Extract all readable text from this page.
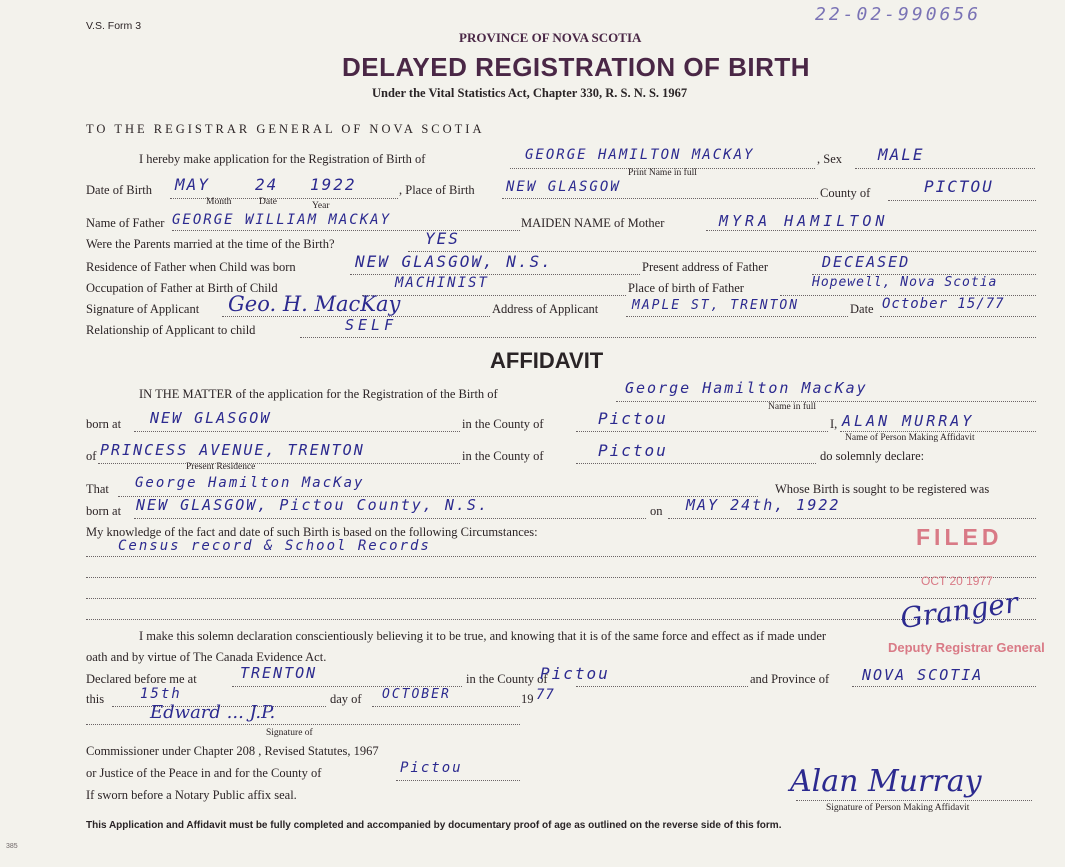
V.S. Form 3
22-02-990656
PROVINCE OF NOVA SCOTIA
DELAYED REGISTRATION OF BIRTH
Under the Vital Statistics Act, Chapter 330, R. S. N. S. 1967
TO THE REGISTRAR GENERAL OF NOVA SCOTIA
I hereby make application for the Registration of Birth of	GEORGE HAMILTON MACKAY	, Sex MALE
Print Name in full
Date of Birth MAY	24 1922
Month	Date	Year
, Place of Birth NEW GLASGOW	County of	PICTOU
Name of Father GEORGE WILLIAM MACKAY	MAIDEN NAME of Mother	MYRA HAMILTON
Were the Parents married at the time of the Birth?	YES
Residence of Father when Child was born	NEW GLASGOW, N.S.	Present address of Father	DECEASED
Occupation of Father at Birth of Child	MACHINIST	Place of birth of Father	Hopewell, Nova Scotia
Signature of Applicant Geo. H. MacKay	Address of Applicant	MAPLE ST, TRENTON	Date October 15/77
Relationship of Applicant to child	SELF
AFFIDAVIT
IN THE MATTER of the application for the Registration of the Birth of	George Hamilton MacKay
Name in full
born at NEW GLASGOW	in the County of	Pictou	I, ALAN MURRAY
Name of Person Making Affidavit
of PRINCESS AVENUE, TRENTON
Present Residence
in the County of	Pictou	do solemnly declare:
That George Hamilton MacKay	Whose Birth is sought to be registered was
born at NEW GLASGOW, Pictou County, N.S.	on MAY 24th, 1922
My knowledge of the fact and date of such Birth is based on the following Circumstances:
Census record & School Records
I make this solemn declaration conscientiously believing it to be true, and knowing that it is of the same force and effect as if made under
oath and by virtue of The Canada Evidence Act.
Declared before me at	TRENTON	in the County of
Pictou	and Province of NOVA SCOTIA
this	15th	day of OCTOBER	19 77
Edward ... J.P.
Signature of
Commissioner under Chapter 208 , Revised Statutes, 1967
or Justice of the Peace in and for the County of	Pictou
If sworn before a Notary Public affix seal.	Alan Murray
Signature of Person Making Affidavit
FILED
OCT 20 1977
Granger
Deputy Registrar General
This Application and Affidavit must be fully completed and accompanied by documentary proof of age as outlined on the reverse side of this form.
385
